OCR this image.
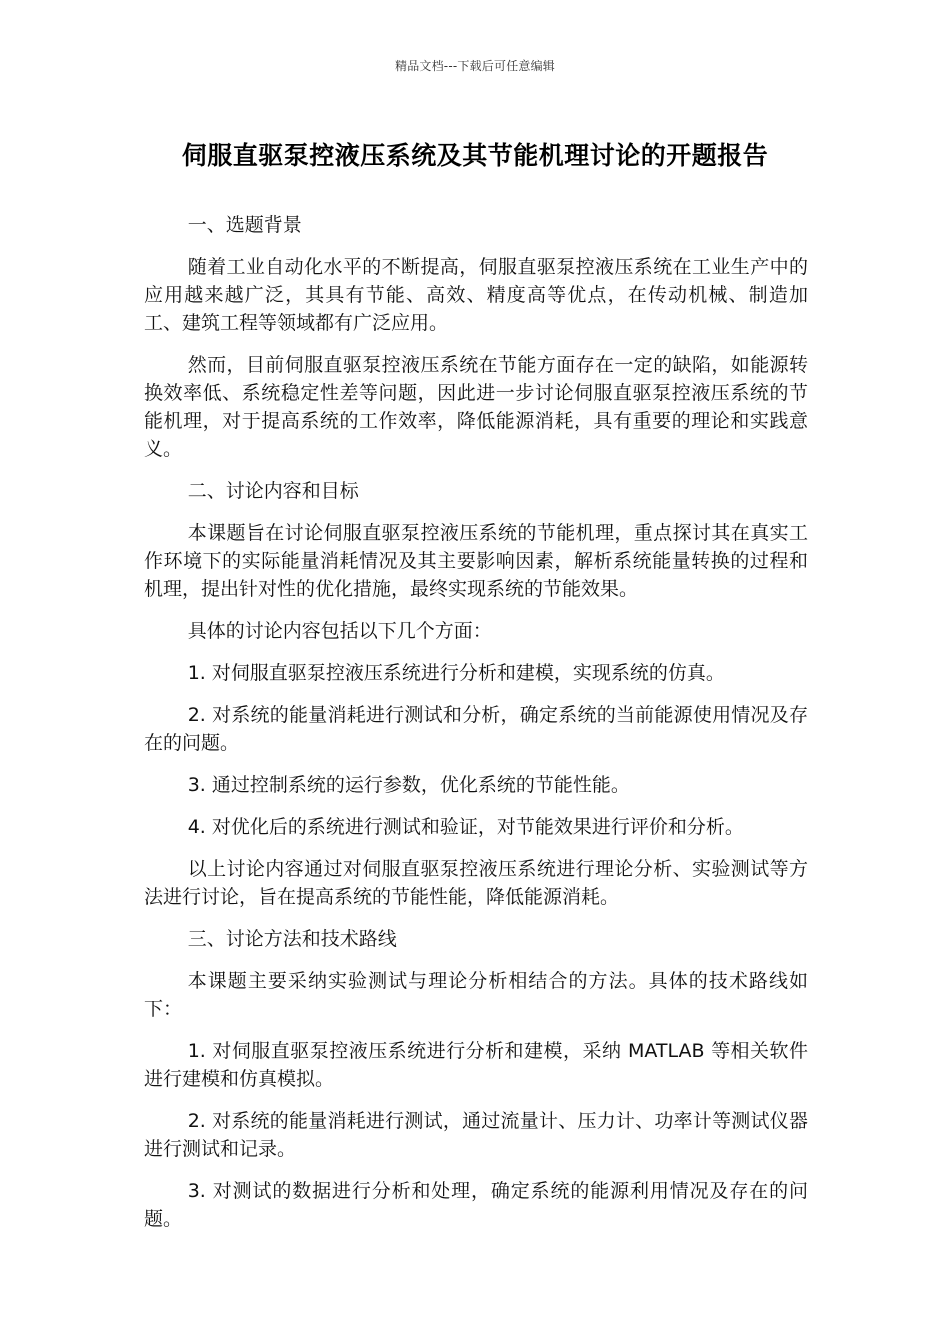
精品文档---下载后可任意编辑
伺服直驱泵控液压系统及其节能机理讨论的开题报告

一、选题背景

随着工业自动化水平的不断提高，伺服直驱泵控液压系统在工业生产中的应用越来越广泛，其具有节能、高效、精度高等优点，在传动机械、制造加工、建筑工程等领域都有广泛应用。

然而，目前伺服直驱泵控液压系统在节能方面存在一定的缺陷，如能源转换效率低、系统稳定性差等问题，因此进一步讨论伺服直驱泵控液压系统的节能机理，对于提高系统的工作效率，降低能源消耗，具有重要的理论和实践意义。

二、讨论内容和目标

本课题旨在讨论伺服直驱泵控液压系统的节能机理，重点探讨其在真实工作环境下的实际能量消耗情况及其主要影响因素，解析系统能量转换的过程和机理，提出针对性的优化措施，最终实现系统的节能效果。

具体的讨论内容包括以下几个方面：

1. 对伺服直驱泵控液压系统进行分析和建模，实现系统的仿真。

2. 对系统的能量消耗进行测试和分析，确定系统的当前能源使用情况及存在的问题。

3. 通过控制系统的运行参数，优化系统的节能性能。

4. 对优化后的系统进行测试和验证，对节能效果进行评价和分析。

以上讨论内容通过对伺服直驱泵控液压系统进行理论分析、实验测试等方法进行讨论，旨在提高系统的节能性能，降低能源消耗。

三、讨论方法和技术路线

本课题主要采纳实验测试与理论分析相结合的方法。具体的技术路线如下：

1. 对伺服直驱泵控液压系统进行分析和建模，采纳 MATLAB 等相关软件进行建模和仿真模拟。

2. 对系统的能量消耗进行测试，通过流量计、压力计、功率计等测试仪器进行测试和记录。

3. 对测试的数据进行分析和处理，确定系统的能源利用情况及存在的问题。
